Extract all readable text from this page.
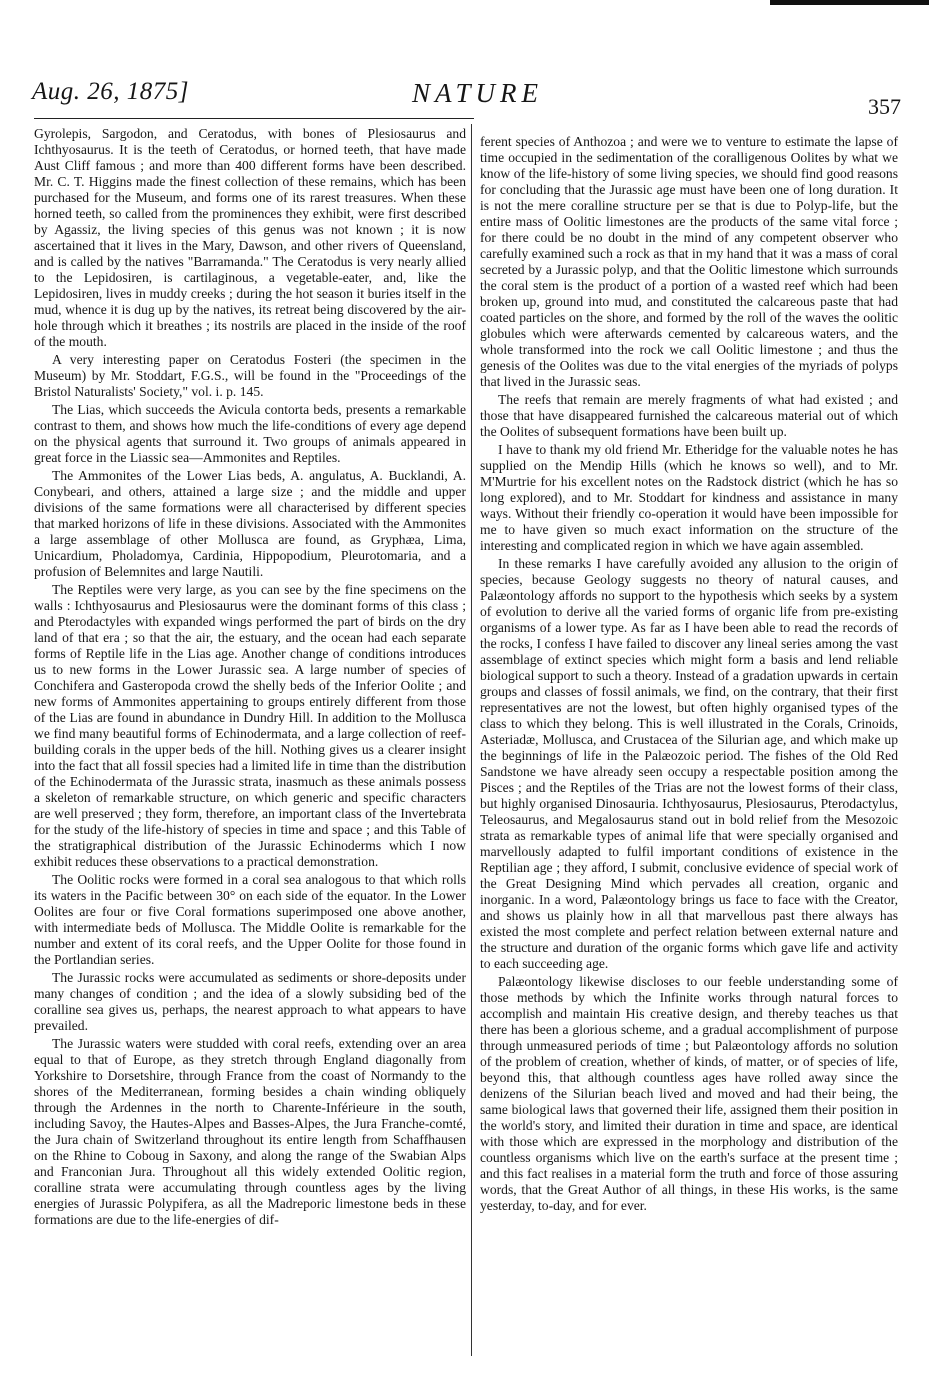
Aug. 26, 1875]	NATURE	357

Gyrolepis, Sargodon, and Ceratodus, with bones of Plesiosaurus and Ichthyosaurus. It is the teeth of Ceratodus, or horned teeth, that have made Aust Cliff famous ; and more than 400 different forms have been described. Mr. C. T. Higgins made the finest collection of these remains, which has been purchased for the Museum, and forms one of its rarest treasures. When these horned teeth, so called from the prominences they exhibit, were first described by Agassiz, the living species of this genus was not known ; it is now ascertained that it lives in the Mary, Dawson, and other rivers of Queensland, and is called by the natives "Barramanda." The Ceratodus is very nearly allied to the Lepidosiren, is cartilaginous, a vegetable-eater, and, like the Lepidosiren, lives in muddy creeks ; during the hot season it buries itself in the mud, whence it is dug up by the natives, its retreat being discovered by the air-hole through which it breathes ; its nostrils are placed in the inside of the roof of the mouth.

A very interesting paper on Ceratodus Fosteri (the specimen in the Museum) by Mr. Stoddart, F.G.S., will be found in the "Proceedings of the Bristol Naturalists' Society," vol. i. p. 145.

The Lias, which succeeds the Avicula contorta beds, presents a remarkable contrast to them, and shows how much the life-conditions of every age depend on the physical agents that surround it. Two groups of animals appeared in great force in the Liassic sea—Ammonites and Reptiles.

The Ammonites of the Lower Lias beds, A. angulatus, A. Bucklandi, A. Conybeari, and others, attained a large size ; and the middle and upper divisions of the same formations were all characterised by different species that marked horizons of life in these divisions. Associated with the Ammonites a large assemblage of other Mollusca are found, as Gryphæa, Lima, Unicardium, Pholadomya, Cardinia, Hippopodium, Pleurotomaria, and a profusion of Belemnites and large Nautili.

The Reptiles were very large, as you can see by the fine specimens on the walls : Ichthyosaurus and Plesiosaurus were the dominant forms of this class ; and Pterodactyles with expanded wings performed the part of birds on the dry land of that era ; so that the air, the estuary, and the ocean had each separate forms of Reptile life in the Lias age. Another change of conditions introduces us to new forms in the Lower Jurassic sea. A large number of species of Conchifera and Gasteropoda crowd the shelly beds of the Inferior Oolite ; and new forms of Ammonites appertaining to groups entirely different from those of the Lias are found in abundance in Dundry Hill. In addition to the Mollusca we find many beautiful forms of Echinodermata, and a large collection of reef-building corals in the upper beds of the hill. Nothing gives us a clearer insight into the fact that all fossil species had a limited life in time than the distribution of the Echinodermata of the Jurassic strata, inasmuch as these animals possess a skeleton of remarkable structure, on which generic and specific characters are well preserved ; they form, therefore, an important class of the Invertebrata for the study of the life-history of species in time and space ; and this Table of the stratigraphical distribution of the Jurassic Echinoderms which I now exhibit reduces these observations to a practical demonstration.

The Oolitic rocks were formed in a coral sea analogous to that which rolls its waters in the Pacific between 30° on each side of the equator. In the Lower Oolites are four or five Coral formations superimposed one above another, with intermediate beds of Mollusca. The Middle Oolite is remarkable for the number and extent of its coral reefs, and the Upper Oolite for those found in the Portlandian series.

The Jurassic rocks were accumulated as sediments or shore-deposits under many changes of condition ; and the idea of a slowly subsiding bed of the coralline sea gives us, perhaps, the nearest approach to what appears to have prevailed.

The Jurassic waters were studded with coral reefs, extending over an area equal to that of Europe, as they stretch through England diagonally from Yorkshire to Dorsetshire, through France from the coast of Normandy to the shores of the Mediterranean, forming besides a chain winding obliquely through the Ardennes in the north to Charente-Inférieure in the south, including Savoy, the Hautes-Alpes and Basses-Alpes, the Jura Franche-comté, the Jura chain of Switzerland throughout its entire length from Schaffhausen on the Rhine to Coboug in Saxony, and along the range of the Swabian Alps and Franconian Jura. Throughout all this widely extended Oolitic region, coralline strata were accumulating through countless ages by the living energies of Jurassic Polypifera, as all the Madreporic limestone beds in these formations are due to the life-energies of dif-

ferent species of Anthozoa ; and were we to venture to estimate the lapse of time occupied in the sedimentation of the coralligenous Oolites by what we know of the life-history of some living species, we should find good reasons for concluding that the Jurassic age must have been one of long duration. It is not the mere coralline structure per se that is due to Polyp-life, but the entire mass of Oolitic limestones are the products of the same vital force ; for there could be no doubt in the mind of any competent observer who carefully examined such a rock as that in my hand that it was a mass of coral secreted by a Jurassic polyp, and that the Oolitic limestone which surrounds the coral stem is the product of a portion of a wasted reef which had been broken up, ground into mud, and constituted the calcareous paste that had coated particles on the shore, and formed by the roll of the waves the oolitic globules which were afterwards cemented by calcareous waters, and the whole transformed into the rock we call Oolitic limestone ; and thus the genesis of the Oolites was due to the vital energies of the myriads of polyps that lived in the Jurassic seas.

The reefs that remain are merely fragments of what had existed ; and those that have disappeared furnished the calcareous material out of which the Oolites of subsequent formations have been built up.

I have to thank my old friend Mr. Etheridge for the valuable notes he has supplied on the Mendip Hills (which he knows so well), and to Mr. M'Murtrie for his excellent notes on the Radstock district (which he has so long explored), and to Mr. Stoddart for kindness and assistance in many ways. Without their friendly co-operation it would have been impossible for me to have given so much exact information on the structure of the interesting and complicated region in which we have again assembled.

In these remarks I have carefully avoided any allusion to the origin of species, because Geology suggests no theory of natural causes, and Palæontology affords no support to the hypothesis which seeks by a system of evolution to derive all the varied forms of organic life from pre-existing organisms of a lower type. As far as I have been able to read the records of the rocks, I confess I have failed to discover any lineal series among the vast assemblage of extinct species which might form a basis and lend reliable biological support to such a theory. Instead of a gradation upwards in certain groups and classes of fossil animals, we find, on the contrary, that their first representatives are not the lowest, but often highly organised types of the class to which they belong. This is well illustrated in the Corals, Crinoids, Asteriadæ, Mollusca, and Crustacea of the Silurian age, and which make up the beginnings of life in the Palæozoic period. The fishes of the Old Red Sandstone we have already seen occupy a respectable position among the Pisces ; and the Reptiles of the Trias are not the lowest forms of their class, but highly organised Dinosauria. Ichthyosaurus, Plesiosaurus, Pterodactylus, Teleosaurus, and Megalosaurus stand out in bold relief from the Mesozoic strata as remarkable types of animal life that were specially organised and marvellously adapted to fulfil important conditions of existence in the Reptilian age ; they afford, I submit, conclusive evidence of special work of the Great Designing Mind which pervades all creation, organic and inorganic. In a word, Palæontology brings us face to face with the Creator, and shows us plainly how in all that marvellous past there always has existed the most complete and perfect relation between external nature and the structure and duration of the organic forms which gave life and activity to each succeeding age.

Palæontology likewise discloses to our feeble understanding some of those methods by which the Infinite works through natural forces to accomplish and maintain His creative design, and thereby teaches us that there has been a glorious scheme, and a gradual accomplishment of purpose through unmeasured periods of time ; but Palæontology affords no solution of the problem of creation, whether of kinds, of matter, or of species of life, beyond this, that although countless ages have rolled away since the denizens of the Silurian beach lived and moved and had their being, the same biological laws that governed their life, assigned them their position in the world's story, and limited their duration in time and space, are identical with those which are expressed in the morphology and distribution of the countless organisms which live on the earth's surface at the present time ; and this fact realises in a material form the truth and force of those assuring words, that the Great Author of all things, in these His works, is the same yesterday, to-day, and for ever.
